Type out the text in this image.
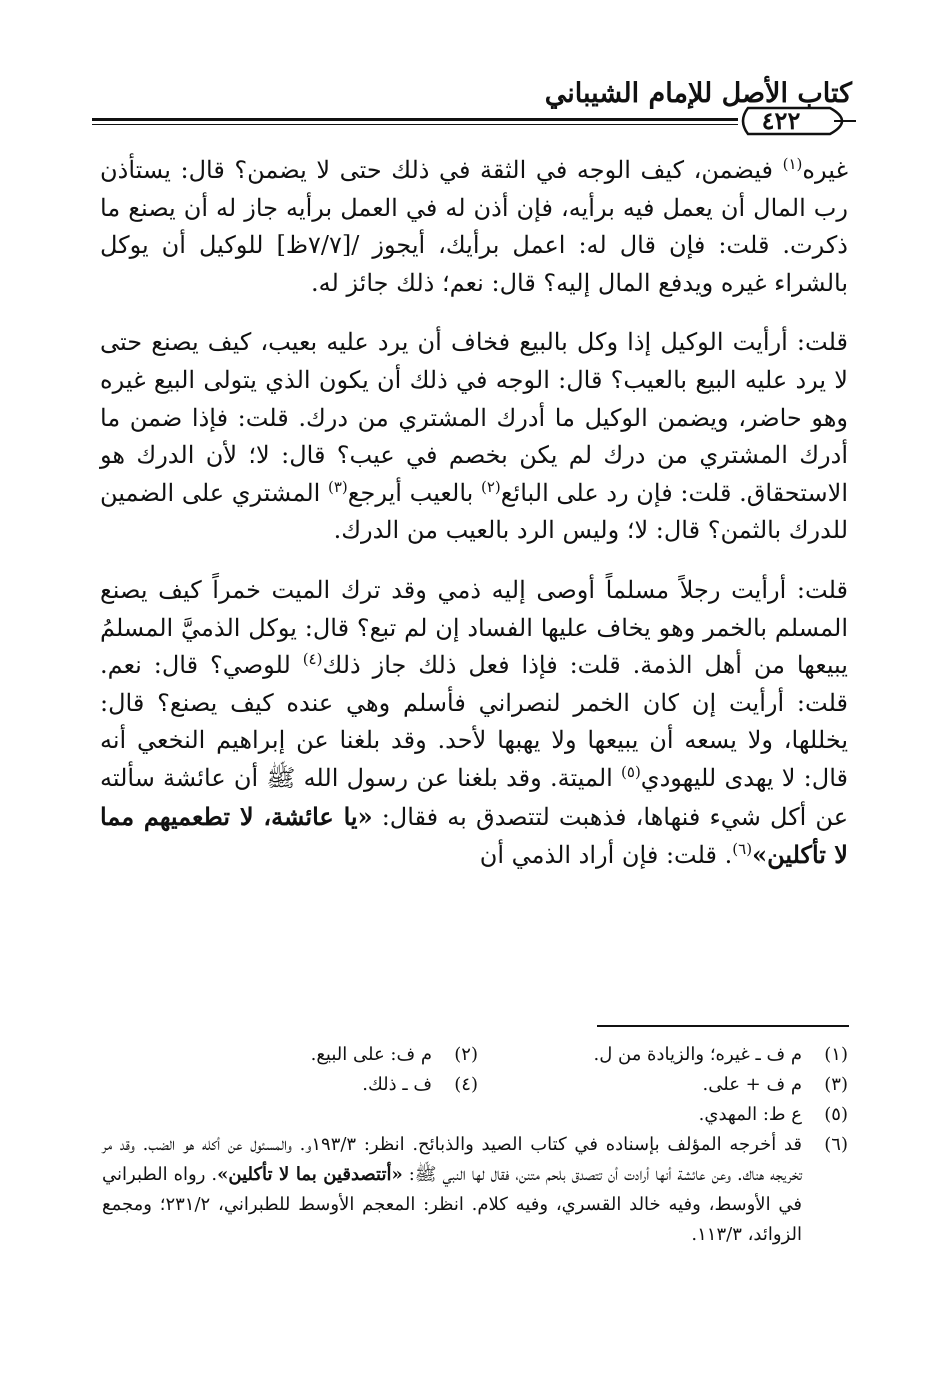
كتاب الأصل للإمام الشيباني
٤٢٢

غيره$^{(١)}$ فيضمن، كيف الوجه في الثقة في ذلك حتى لا يضمن؟ قال: يستأذن رب المال أن يعمل فيه برأيه، فإن أذن له في العمل برأيه جاز له أن يصنع ما ذكرت. قلت: فإن قال له: اعمل برأيك، أيجوز /[٧/٧ظ] للوكيل أن يوكل بالشراء غيره ويدفع المال إليه؟ قال: نعم؛ ذلك جائز له.

قلت: أرأيت الوكيل إذا وكل بالبيع فخاف أن يرد عليه بعيب، كيف يصنع حتى لا يرد عليه البيع بالعيب؟ قال: الوجه في ذلك أن يكون الذي يتولى البيع غيره وهو حاضر، ويضمن الوكيل ما أدرك المشتري من درك. قلت: فإذا ضمن ما أدرك المشتري من درك لم يكن بخصم في عيب؟ قال: لا؛ لأن الدرك هو الاستحقاق. قلت: فإن رد على البائع$^{(٢)}$ بالعيب أيرجع$^{(٣)}$ المشتري على الضمين للدرك بالثمن؟ قال: لا؛ وليس الرد بالعيب من الدرك.

قلت: أرأيت رجلاً مسلماً أوصى إليه ذمي وقد ترك الميت خمراً كيف يصنع المسلم بالخمر وهو يخاف عليها الفساد إن لم تبع؟ قال: يوكل الذميَّ المسلمُ يبيعها من أهل الذمة. قلت: فإذا فعل ذلك جاز ذلك$^{(٤)}$ للوصي؟ قال: نعم. قلت: أرأيت إن كان الخمر لنصراني فأسلم وهي عنده كيف يصنع؟ قال: يخللها، ولا يسعه أن يبيعها ولا يهبها لأحد. وقد بلغنا عن إبراهيم النخعي أنه قال: لا يهدى لليهودي$^{(٥)}$ الميتة. وقد بلغنا عن رسول الله ﷺ أن عائشة سألته عن أكل شيء فنهاها، فذهبت لتتصدق به فقال: «يا عائشة، لا تطعميهم مما لا تأكلين»$^{(٦)}$. قلت: فإن أراد الذمي أن

(١)
م ف ـ غيره؛ والزيادة من ل.
(٢)
م ف: على البيع.
(٣)
م ف + على.
(٤)
ف ـ ذلك.
(٥)
ع ط: المهدي.
(٦)
قد أخرجه المؤلف بإسناده في كتاب الصيد والذبائح. انظر: ١٩٣/٣و. والمسئول عن أكله هو الضب. وقد مر تخريجه هناك. وعن عائشة أنها أرادت أن تتصدق بلحم متنن، فقال لها النبي ﷺ: «أتتصدقين بما لا تأكلين». رواه الطبراني في الأوسط، وفيه خالد القسري، وفيه كلام. انظر: المعجم الأوسط للطبراني، ٢٣١/٢؛ ومجمع الزوائد، ١١٣/٣.
